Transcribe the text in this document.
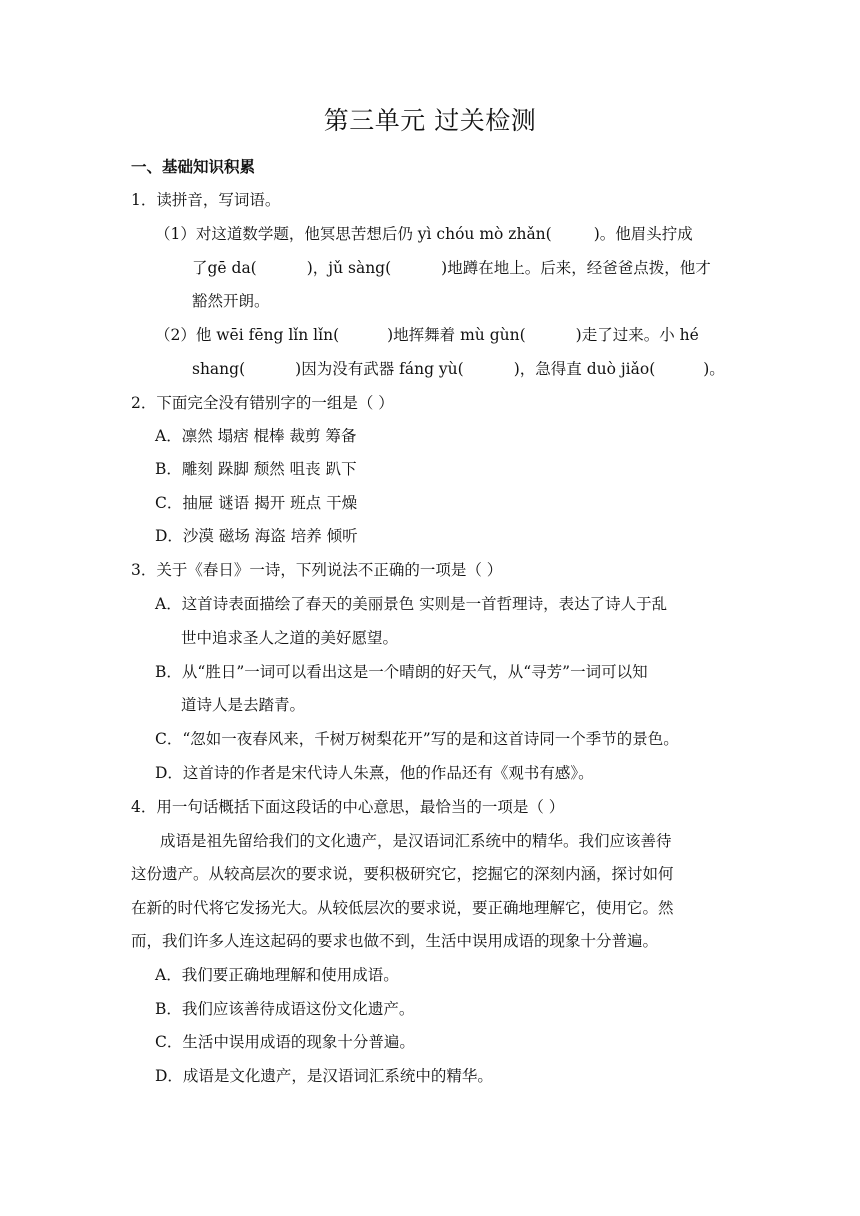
第三单元 过关检测
一、基础知识积累
1．读拼音，写词语。
（1）对这道数学题，他冥思苦想后仍 yì chóu mò zhǎn(	)。他眉头拧成
了gē da(	)，jǔ sàng(	)地蹲在地上。后来，经爸爸点拨，他才
豁然开朗。
（2）他 wēi fēng lǐn lǐn(	)地挥舞着 mù gùn(	)走了过来。小 hé
shang(	)因为没有武器 fáng yù(	)，急得直 duò jiǎo(	)。
2．下面完全没有错别字的一组是（ ）
A．凛然 塌痞 棍棒 裁剪 筹备
B．雕刻 跺脚 颓然 咀丧 趴下
C．抽屉 谜语 揭开 班点 干燥
D．沙漠 磁场 海盗 培养 倾听
3．关于《春日》一诗，下列说法不正确的一项是（ ）
A．这首诗表面描绘了春天的美丽景色 实则是一首哲理诗，表达了诗人于乱
世中追求圣人之道的美好愿望。
B．从“胜日”一词可以看出这是一个晴朗的好天气，从“寻芳”一词可以知
道诗人是去踏青。
C．“忽如一夜春风来，千树万树梨花开”写的是和这首诗同一个季节的景色。
D．这首诗的作者是宋代诗人朱熹，他的作品还有《观书有感》。
4．用一句话概括下面这段话的中心意思，最恰当的一项是（ ）
成语是祖先留给我们的文化遗产，是汉语词汇系统中的精华。我们应该善待
这份遗产。从较高层次的要求说，要积极研究它，挖掘它的深刻内涵，探讨如何
在新的时代将它发扬光大。从较低层次的要求说，要正确地理解它，使用它。然
而，我们许多人连这起码的要求也做不到，生活中误用成语的现象十分普遍。
A．我们要正确地理解和使用成语。
B．我们应该善待成语这份文化遗产。
C．生活中误用成语的现象十分普遍。
D．成语是文化遗产，是汉语词汇系统中的精华。
